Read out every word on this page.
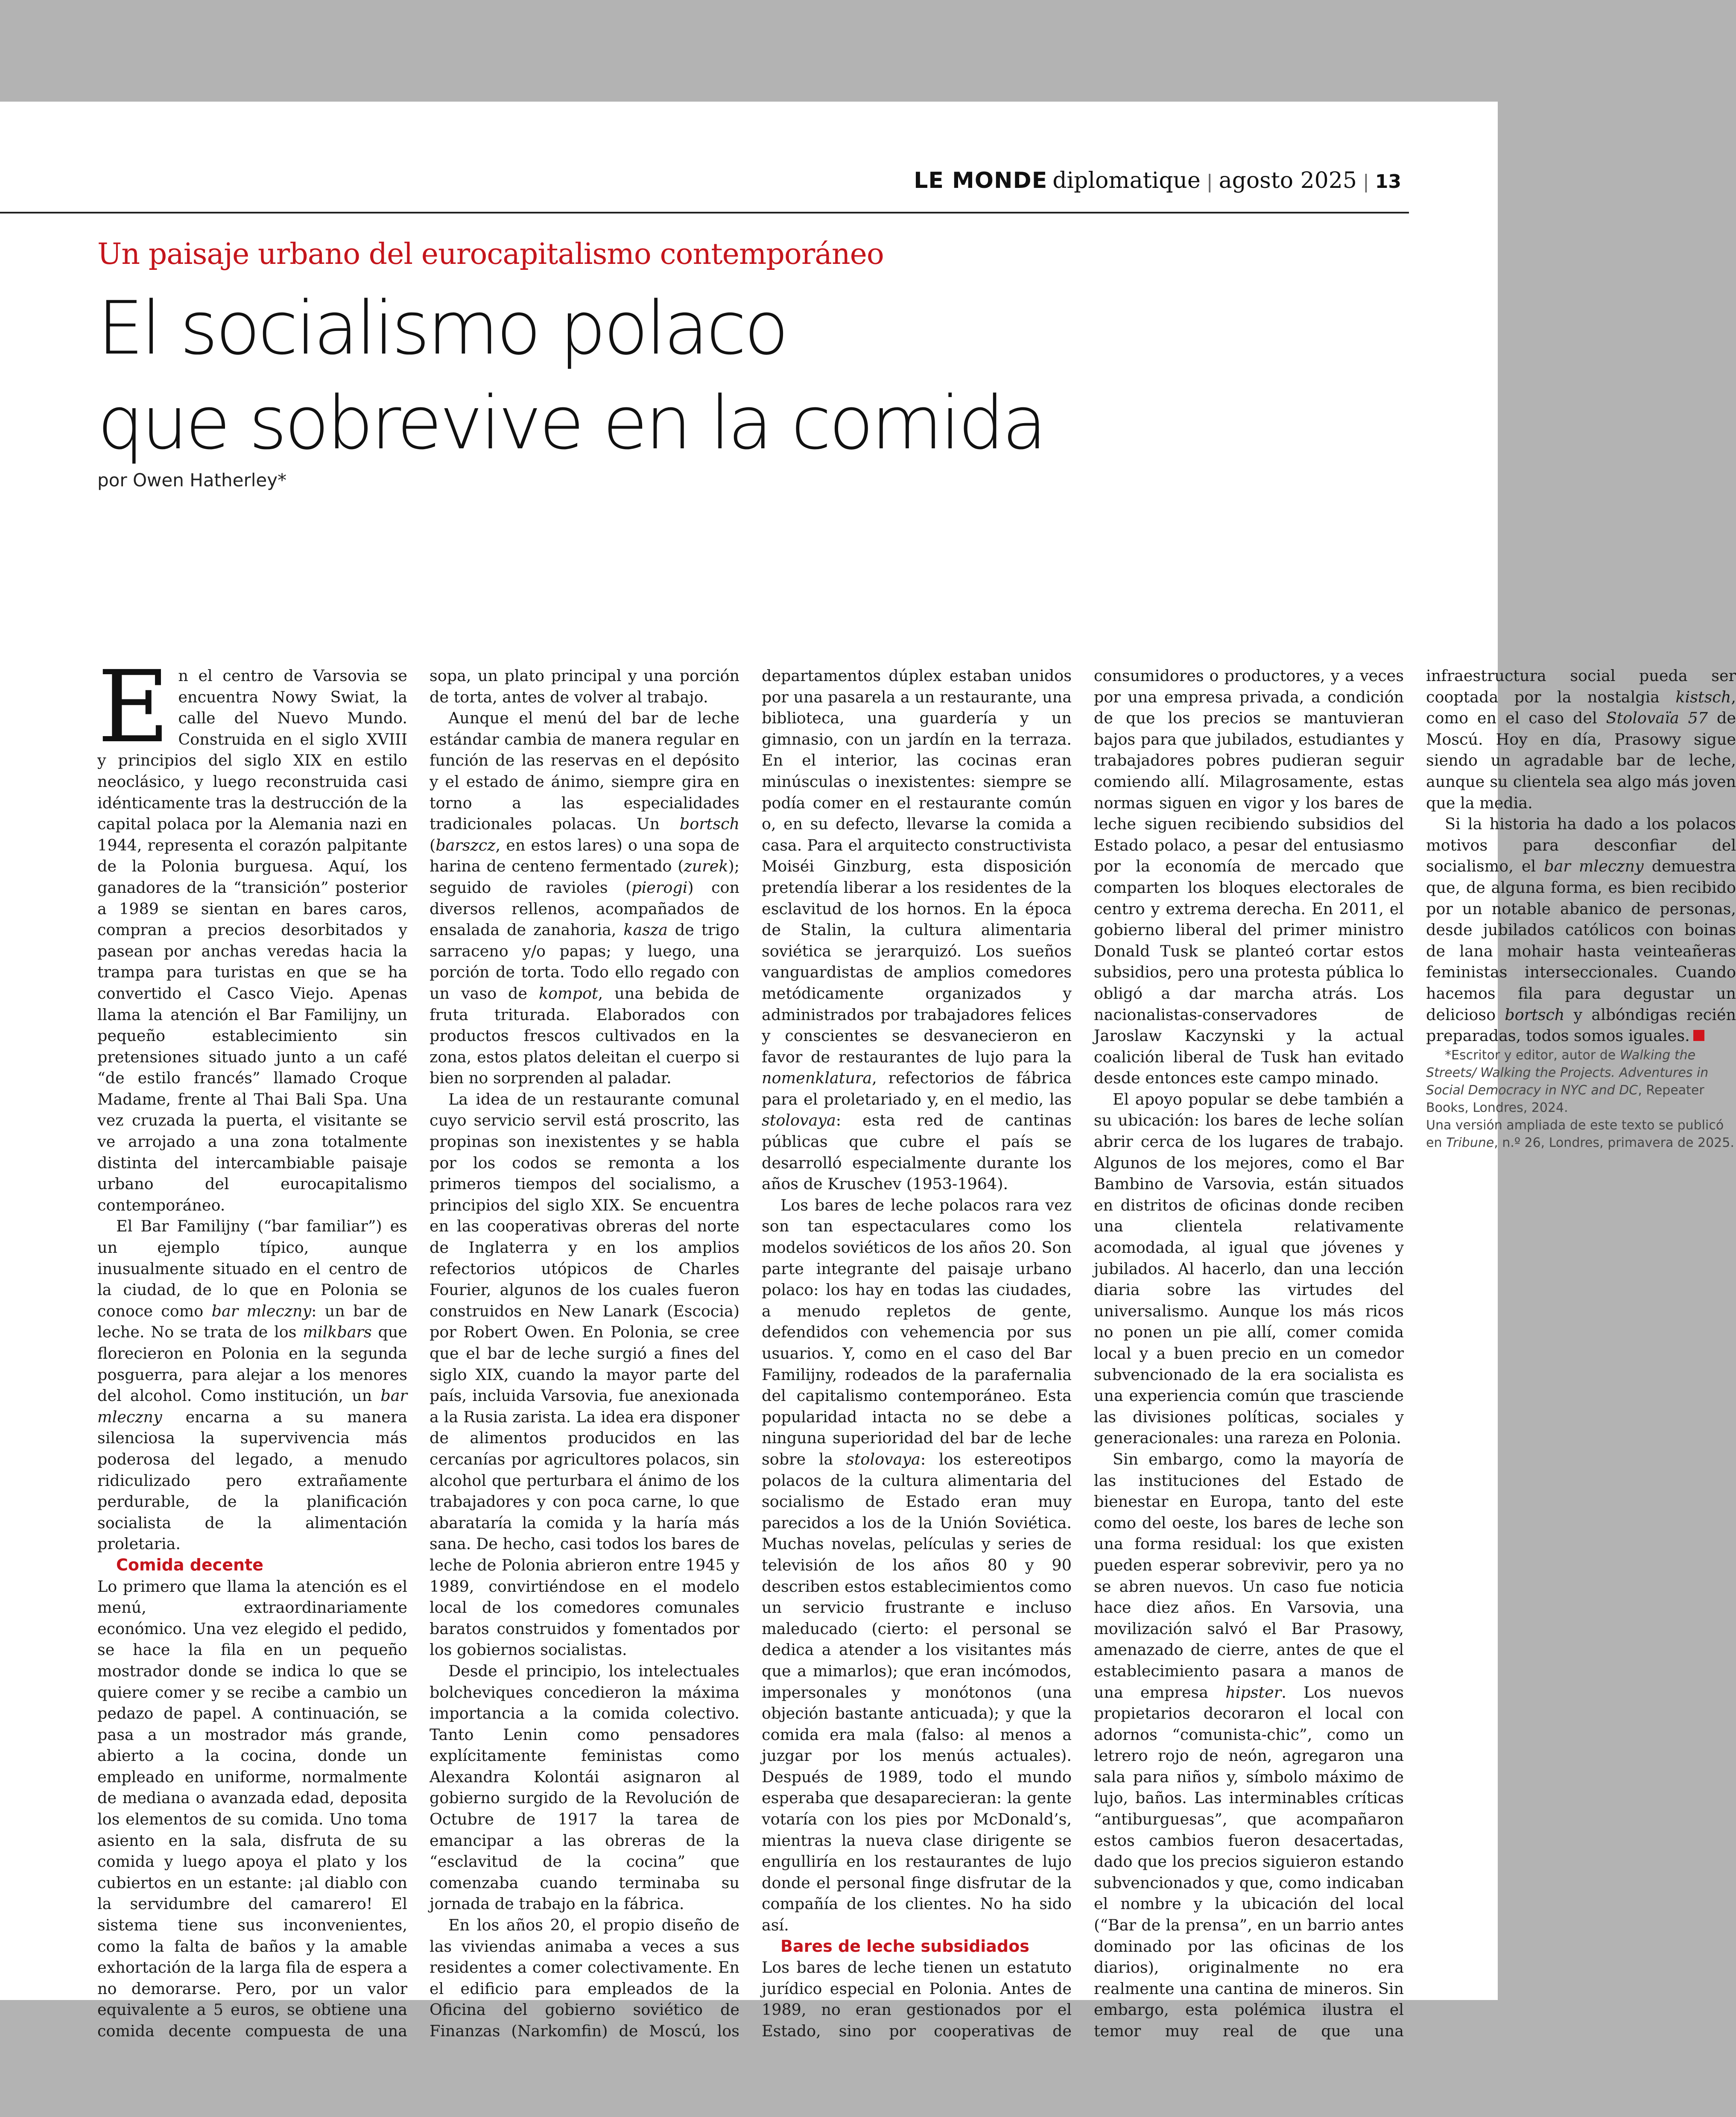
LE MONDE diplomatique | agosto 2025 | 13
Un paisaje urbano del eurocapitalismo contemporáneo
El socialismo polaco
que sobrevive en la comida
por Owen Hatherley*

En el centro de Varsovia se encuentra Nowy Swiat, la calle del Nuevo Mundo. Construida en el siglo XVIII y principios del siglo XIX en estilo neoclásico, y luego reconstruida casi idénticamente tras la destrucción de la capital polaca por la Alemania nazi en 1944, representa el corazón palpitante de la Polonia burguesa. Aquí, los ganadores de la “transición” posterior a 1989 se sientan en bares caros, compran a precios desorbitados y pasean por anchas veredas hacia la trampa para turistas en que se ha convertido el Casco Viejo. Apenas llama la atención el Bar Familijny, un pequeño establecimiento sin pretensiones situado junto a un café “de estilo francés” llamado Croque Madame, frente al Thai Bali Spa. Una vez cruzada la puerta, el visitante se ve arrojado a una zona totalmente distinta del intercambiable paisaje urbano del eurocapitalismo contemporáneo.

El Bar Familijny (“bar familiar”) es un ejemplo típico, aunque inusualmente situado en el centro de la ciudad, de lo que en Polonia se conoce como bar mleczny: un bar de leche. No se trata de los milkbars que florecieron en Polonia en la segunda posguerra, para alejar a los menores del alcohol. Como institución, un bar mleczny encarna a su manera silenciosa la supervivencia más poderosa del legado, a menudo ridiculizado pero extrañamente perdurable, de la planificación socialista de la alimentación proletaria.

Comida decente

Lo primero que llama la atención es el menú, extraordinariamente económico. Una vez elegido el pedido, se hace la fila en un pequeño mostrador donde se indica lo que se quiere comer y se recibe a cambio un pedazo de papel. A continuación, se pasa a un mostrador más grande, abierto a la cocina, donde un empleado en uniforme, normalmente de mediana o avanzada edad, deposita los elementos de su comida. Uno toma asiento en la sala, disfruta de su comida y luego apoya el plato y los cubiertos en un estante: ¡al diablo con la servidumbre del camarero! El sistema tiene sus inconvenientes, como la falta de baños y la amable exhortación de la larga fila de espera a no demorarse. Pero, por un valor equivalente a 5 euros, se obtiene una comida decente compuesta de una sopa, un plato principal y una porción de torta, antes de volver al trabajo.

Aunque el menú del bar de leche estándar cambia de manera regular en función de las reservas en el depósito y el estado de ánimo, siempre gira en torno a las especialidades tradicionales polacas. Un bortsch (barszcz, en estos lares) o una sopa de harina de centeno fermentado (zurek); seguido de ravioles (pierogi) con diversos rellenos, acompañados de ensalada de zanahoria, kasza de trigo sarraceno y/o papas; y luego, una porción de torta. Todo ello regado con un vaso de kompot, una bebida de fruta triturada. Elaborados con productos frescos cultivados en la zona, estos platos deleitan el cuerpo si bien no sorprenden al paladar.

La idea de un restaurante comunal cuyo servicio servil está proscrito, las propinas son inexistentes y se habla por los codos se remonta a los primeros tiempos del socialismo, a principios del siglo XIX. Se encuentra en las cooperativas obreras del norte de Inglaterra y en los amplios refectorios utópicos de Charles Fourier, algunos de los cuales fueron construidos en New Lanark (Escocia) por Robert Owen. En Polonia, se cree que el bar de leche surgió a fines del siglo XIX, cuando la mayor parte del país, incluida Varsovia, fue anexionada a la Rusia zarista. La idea era disponer de alimentos producidos en las cercanías por agricultores polacos, sin alcohol que perturbara el ánimo de los trabajadores y con poca carne, lo que abarataría la comida y la haría más sana. De hecho, casi todos los bares de leche de Polonia abrieron entre 1945 y 1989, convirtiéndose en el modelo local de los comedores comunales baratos construidos y fomentados por los gobiernos socialistas.

Desde el principio, los intelectuales bolcheviques concedieron la máxima importancia a la comida colectivo. Tanto Lenin como pensadores explícitamente feministas como Alexandra Kolontái asignaron al gobierno surgido de la Revolución de Octubre de 1917 la tarea de emancipar a las obreras de la “esclavitud de la cocina” que comenzaba cuando terminaba su jornada de trabajo en la fábrica.

En los años 20, el propio diseño de las viviendas animaba a veces a sus residentes a comer colectivamente. En el edificio para empleados de la Oficina del gobierno soviético de Finanzas (Narkomfin) de Moscú, los departamentos dúplex estaban unidos por una pasarela a un restaurante, una biblioteca, una guardería y un gimnasio, con un jardín en la terraza. En el interior, las cocinas eran minúsculas o inexistentes: siempre se podía comer en el restaurante común o, en su defecto, llevarse la comida a casa. Para el arquitecto constructivista Moiséi Ginzburg, esta disposición pretendía liberar a los residentes de la esclavitud de los hornos. En la época de Stalin, la cultura alimentaria soviética se jerarquizó. Los sueños vanguardistas de amplios comedores metódicamente organizados y administrados por trabajadores felices y conscientes se desvanecieron en favor de restaurantes de lujo para la nomenklatura, refectorios de fábrica para el proletariado y, en el medio, las stolovaya: esta red de cantinas públicas que cubre el país se desarrolló especialmente durante los años de Kruschev (1953-1964).

Los bares de leche polacos rara vez son tan espectaculares como los modelos soviéticos de los años 20. Son parte integrante del paisaje urbano polaco: los hay en todas las ciudades, a menudo repletos de gente, defendidos con vehemencia por sus usuarios. Y, como en el caso del Bar Familijny, rodeados de la parafernalia del capitalismo contemporáneo. Esta popularidad intacta no se debe a ninguna superioridad del bar de leche sobre la stolovaya: los estereotipos polacos de la cultura alimentaria del socialismo de Estado eran muy parecidos a los de la Unión Soviética. Muchas novelas, películas y series de televisión de los años 80 y 90 describen estos establecimientos como un servicio frustrante e incluso maleducado (cierto: el personal se dedica a atender a los visitantes más que a mimarlos); que eran incómodos, impersonales y monótonos (una objeción bastante anticuada); y que la comida era mala (falso: al menos a juzgar por los menús actuales). Después de 1989, todo el mundo esperaba que desaparecieran: la gente votaría con los pies por McDonald’s, mientras la nueva clase dirigente se engulliría en los restaurantes de lujo donde el personal finge disfrutar de la compañía de los clientes. No ha sido así.

Bares de leche subsidiados

Los bares de leche tienen un estatuto jurídico especial en Polonia. Antes de 1989, no eran gestionados por el Estado, sino por cooperativas de consumidores o productores, y a veces por una empresa privada, a condición de que los precios se mantuvieran bajos para que jubilados, estudiantes y trabajadores pobres pudieran seguir comiendo allí. Milagrosamente, estas normas siguen en vigor y los bares de leche siguen recibiendo subsidios del Estado polaco, a pesar del entusiasmo por la economía de mercado que comparten los bloques electorales de centro y extrema derecha. En 2011, el gobierno liberal del primer ministro Donald Tusk se planteó cortar estos subsidios, pero una protesta pública lo obligó a dar marcha atrás. Los nacionalistas-conservadores de Jaroslaw Kaczynski y la actual coalición liberal de Tusk han evitado desde entonces este campo minado.

El apoyo popular se debe también a su ubicación: los bares de leche solían abrir cerca de los lugares de trabajo. Algunos de los mejores, como el Bar Bambino de Varsovia, están situados en distritos de oficinas donde reciben una clientela relativamente acomodada, al igual que jóvenes y jubilados. Al hacerlo, dan una lección diaria sobre las virtudes del universalismo. Aunque los más ricos no ponen un pie allí, comer comida local y a buen precio en un comedor subvencionado de la era socialista es una experiencia común que trasciende las divisiones políticas, sociales y generacionales: una rareza en Polonia.

Sin embargo, como la mayoría de las instituciones del Estado de bienestar en Europa, tanto del este como del oeste, los bares de leche son una forma residual: los que existen pueden esperar sobrevivir, pero ya no se abren nuevos. Un caso fue noticia hace diez años. En Varsovia, una movilización salvó el Bar Prasowy, amenazado de cierre, antes de que el establecimiento pasara a manos de una empresa hipster. Los nuevos propietarios decoraron el local con adornos “comunista-chic”, como un letrero rojo de neón, agregaron una sala para niños y, símbolo máximo de lujo, baños. Las interminables críticas “antiburguesas”, que acompañaron estos cambios fueron desacertadas, dado que los precios siguieron estando subvencionados y que, como indicaban el nombre y la ubicación del local (“Bar de la prensa”, en un barrio antes dominado por las oficinas de los diarios), originalmente no era realmente una cantina de mineros. Sin embargo, esta polémica ilustra el temor muy real de que una infraestructura social pueda ser cooptada por la nostalgia kistsch, como en el caso del Stolovaïa 57 de Moscú. Hoy en día, Prasowy sigue siendo un agradable bar de leche, aunque su clientela sea algo más joven que la media.

Si la historia ha dado a los polacos motivos para desconfiar del socialismo, el bar mleczny demuestra que, de alguna forma, es bien recibido por un notable abanico de personas, desde jubilados católicos con boinas de lana mohair hasta veinteañeras feministas interseccionales. Cuando hacemos fila para degustar un delicioso bortsch y albóndigas recién preparadas, todos somos iguales.

*Escritor y editor, autor de Walking the Streets/ Walking the Projects. Adventures in Social Democracy in NYC and DC, Repeater Books, Londres, 2024.
Una versión ampliada de este texto se publicó en Tribune, n.º 26, Londres, primavera de 2025.
